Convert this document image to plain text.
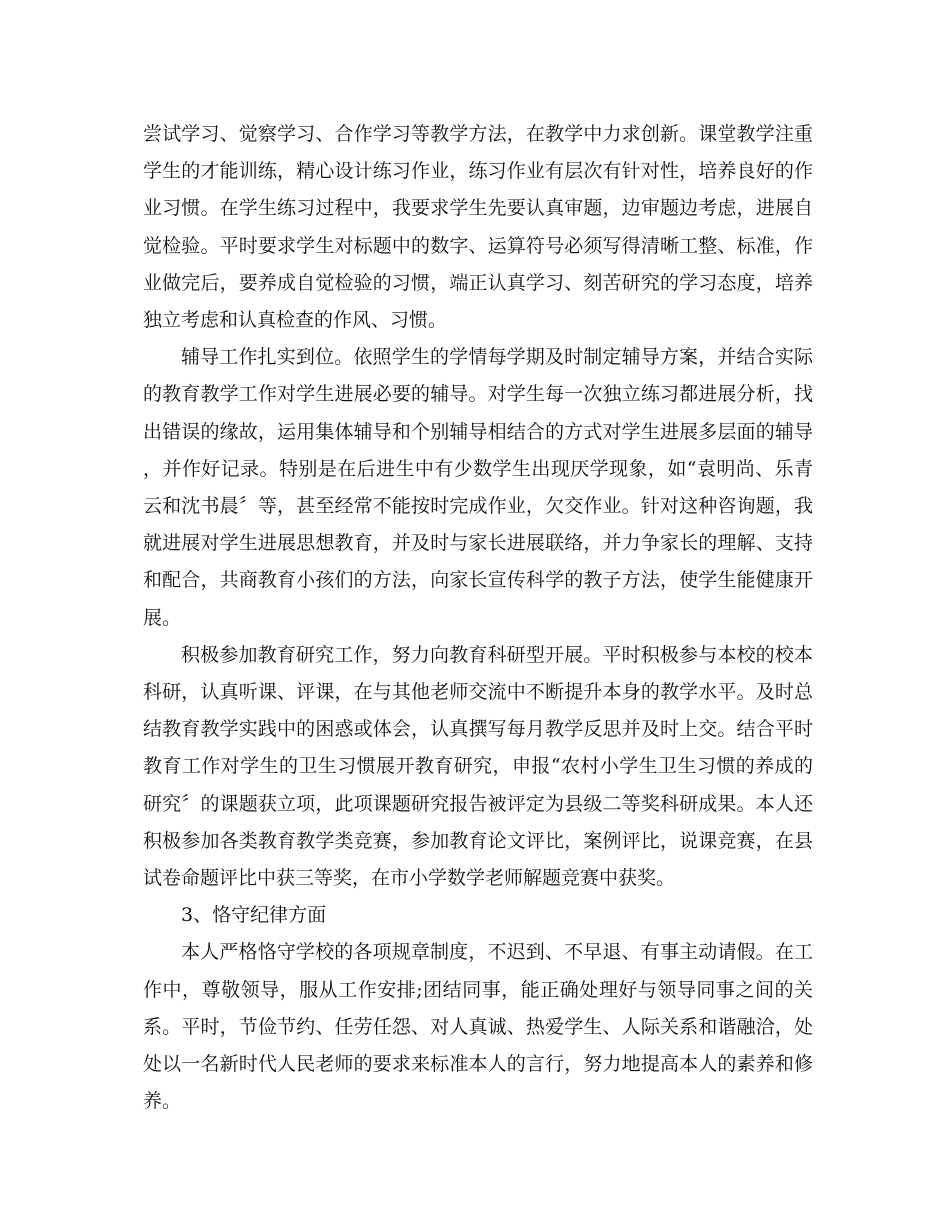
尝试学习、觉察学习、合作学习等教学方法，在教学中力求创新。课堂教学注重学生的才能训练，精心设计练习作业，练习作业有层次有针对性，培养良好的作业习惯。在学生练习过程中，我要求学生先要认真审题，边审题边考虑，进展自觉检验。平时要求学生对标题中的数字、运算符号必须写得清晰工整、标准，作业做完后，要养成自觉检验的习惯，端正认真学习、刻苦研究的学习态度，培养独立考虑和认真检查的作风、习惯。

辅导工作扎实到位。依照学生的学情每学期及时制定辅导方案，并结合实际的教育教学工作对学生进展必要的辅导。对学生每一次独立练习都进展分析，找出错误的缘故，运用集体辅导和个别辅导相结合的方式对学生进展多层面的辅导，并作好记录。特别是在后进生中有少数学生出现厌学现象，如“袁明尚、乐青云和沈书晨〞等，甚至经常不能按时完成作业，欠交作业。针对这种咨询题，我就进展对学生进展思想教育，并及时与家长进展联络，并力争家长的理解、支持和配合，共商教育小孩们的方法，向家长宣传科学的教子方法，使学生能健康开展。

积极参加教育研究工作，努力向教育科研型开展。平时积极参与本校的校本科研，认真听课、评课，在与其他老师交流中不断提升本身的教学水平。及时总结教育教学实践中的困惑或体会，认真撰写每月教学反思并及时上交。结合平时教育工作对学生的卫生习惯展开教育研究，申报“农村小学生卫生习惯的养成的研究〞的课题获立项，此项课题研究报告被评定为县级二等奖科研成果。本人还积极参加各类教育教学类竞赛，参加教育论文评比，案例评比，说课竞赛，在县试卷命题评比中获三等奖，在市小学数学老师解题竞赛中获奖。

3、恪守纪律方面

本人严格恪守学校的各项规章制度，不迟到、不早退、有事主动请假。在工作中，尊敬领导，服从工作安排;团结同事，能正确处理好与领导同事之间的关系。平时，节俭节约、任劳任怨、对人真诚、热爱学生、人际关系和谐融洽，处处以一名新时代人民老师的要求来标准本人的言行，努力地提高本人的素养和修养。
